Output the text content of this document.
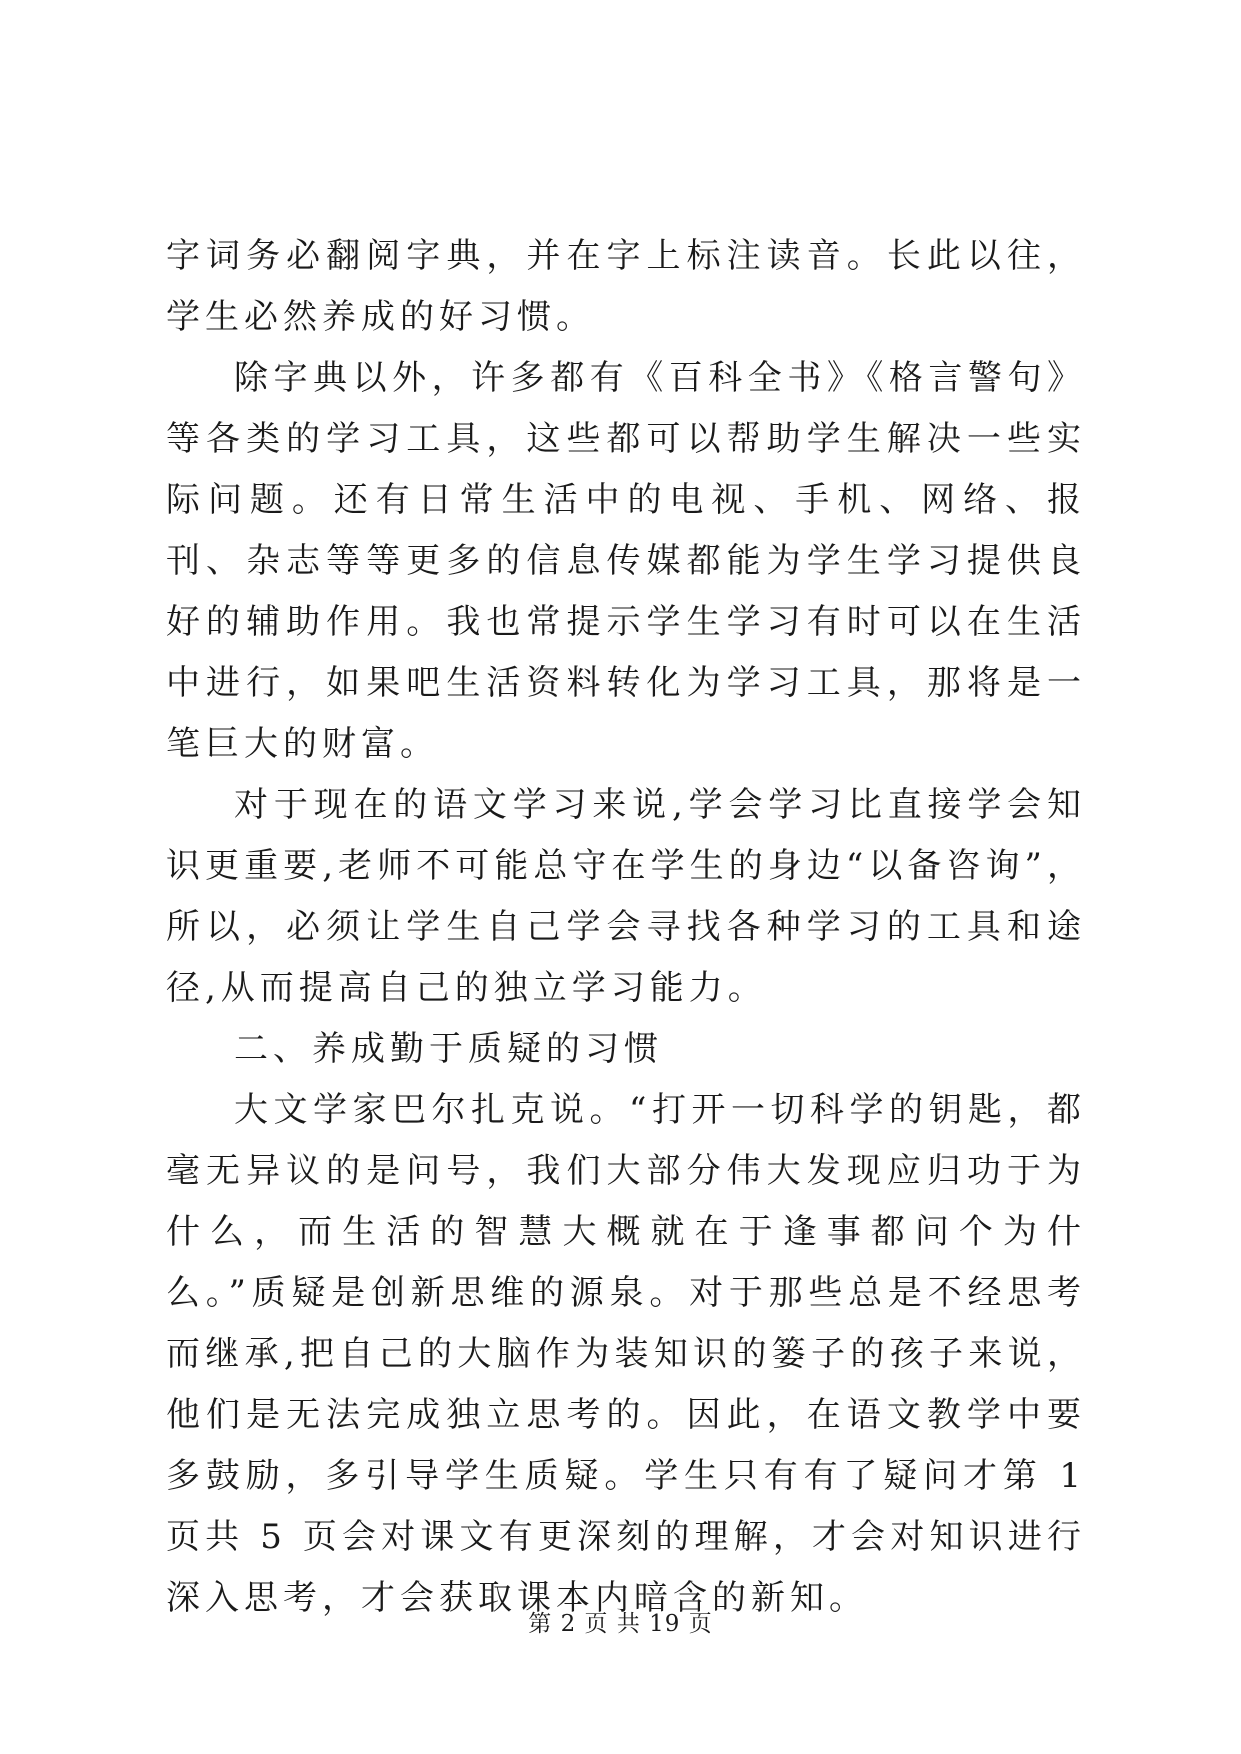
字词务必翻阅字典，并在字上标注读音。长此以往，学生必然养成的好习惯。

除字典以外，许多都有《百科全书》《格言警句》等各类的学习工具，这些都可以帮助学生解决一些实际问题。还有日常生活中的电视、手机、网络、报刊、杂志等等更多的信息传媒都能为学生学习提供良好的辅助作用。我也常提示学生学习有时可以在生活中进行，如果吧生活资料转化为学习工具，那将是一笔巨大的财富。

对于现在的语文学习来说,学会学习比直接学会知识更重要,老师不可能总守在学生的身边“以备咨询”，所以，必须让学生自己学会寻找各种学习的工具和途径,从而提高自己的独立学习能力。

二、养成勤于质疑的习惯

大文学家巴尔扎克说。“打开一切科学的钥匙，都毫无异议的是问号，我们大部分伟大发现应归功于为什么，而生活的智慧大概就在于逢事都问个为什么。”质疑是创新思维的源泉。对于那些总是不经思考而继承,把自己的大脑作为装知识的篓子的孩子来说，他们是无法完成独立思考的。因此，在语文教学中要多鼓励，多引导学生质疑。学生只有有了疑问才第 1 页共 5 页会对课文有更深刻的理解，才会对知识进行深入思考，才会获取课本内暗含的新知。

第 2 页 共 19 页
